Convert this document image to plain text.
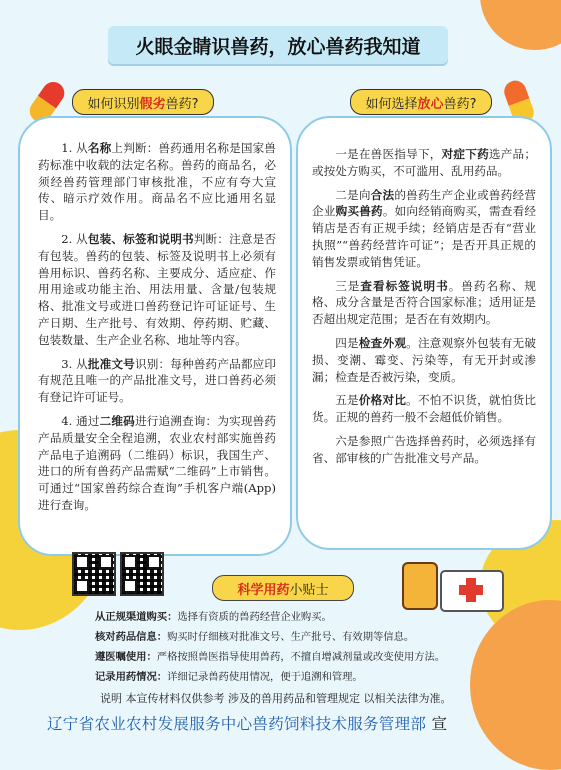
火眼金睛识兽药，放心兽药我知道
如何识别 假劣 兽药?	如何选择 放心 兽药?

1. 从名称上判断：兽药通用名称是国家兽药标准中收载的法定名称。兽药的商品名，必须经兽药管理部门审核批准，不应有夸大宣传、暗示疗效作用。商品名不应比通用名显目。

2. 从包装、标签和说明书判断：注意是否有包装。兽药的包装、标签及说明书上必须有兽用标识、兽药名称、主要成分、适应症、作用用途或功能主治、用法用量、含量/包装规格、批准文号或进口兽药登记许可证证号、生产日期、生产批号、有效期、停药期、贮藏、包装数量、生产企业名称、地址等内容。

3. 从批准文号识别：每种兽药产品都应印有规范且唯一的产品批准文号，进口兽药必须有登记许可证号。

4. 通过二维码进行追溯查询：为实现兽药产品质量安全全程追溯，农业农村部实施兽药产品电子追溯码（二维码）标识，我国生产、进口的所有兽药产品需赋“二维码”上市销售。可通过“国家兽药综合查询”手机客户端(App)进行查询。

一是在兽医指导下，对症下药选产品；或按处方购买，不可滥用、乱用药品。

二是向合法的兽药生产企业或兽药经营企业购买兽药。如向经销商购买，需查看经销店是否有正规手续；经销店是否有“营业执照”“兽药经营许可证”；是否开具正规的销售发票或销售凭证。

三是查看标签说明书。兽药名称、规格、成分含量是否符合国家标准；适用证是否超出规定范围；是否在有效期内。

四是检查外观。注意观察外包装有无破损、变潮、霉变、污染等，有无开封或渗漏；检查是否被污染，变质。

五是价格对比。不怕不识货，就怕货比货。正规的兽药一般不会超低价销售。

六是参照广告选择兽药时，必须选择有省、部审核的广告批准文号产品。

科学用药 小贴士
从正规渠道购买：选择有资质的兽药经营企业购买。
核对药品信息：购买时仔细核对批准文号、生产批号、有效期等信息。
遵医嘱使用：严格按照兽医指导使用兽药，不擅自增减剂量或改变使用方法。
记录用药情况：详细记录兽药使用情况，便于追溯和管理。
说明 本宣传材料仅供参考 涉及的兽用药品和管理规定 以相关法律为准。
辽宁省农业农村发展服务中心兽药饲料技术服务管理部 宣
